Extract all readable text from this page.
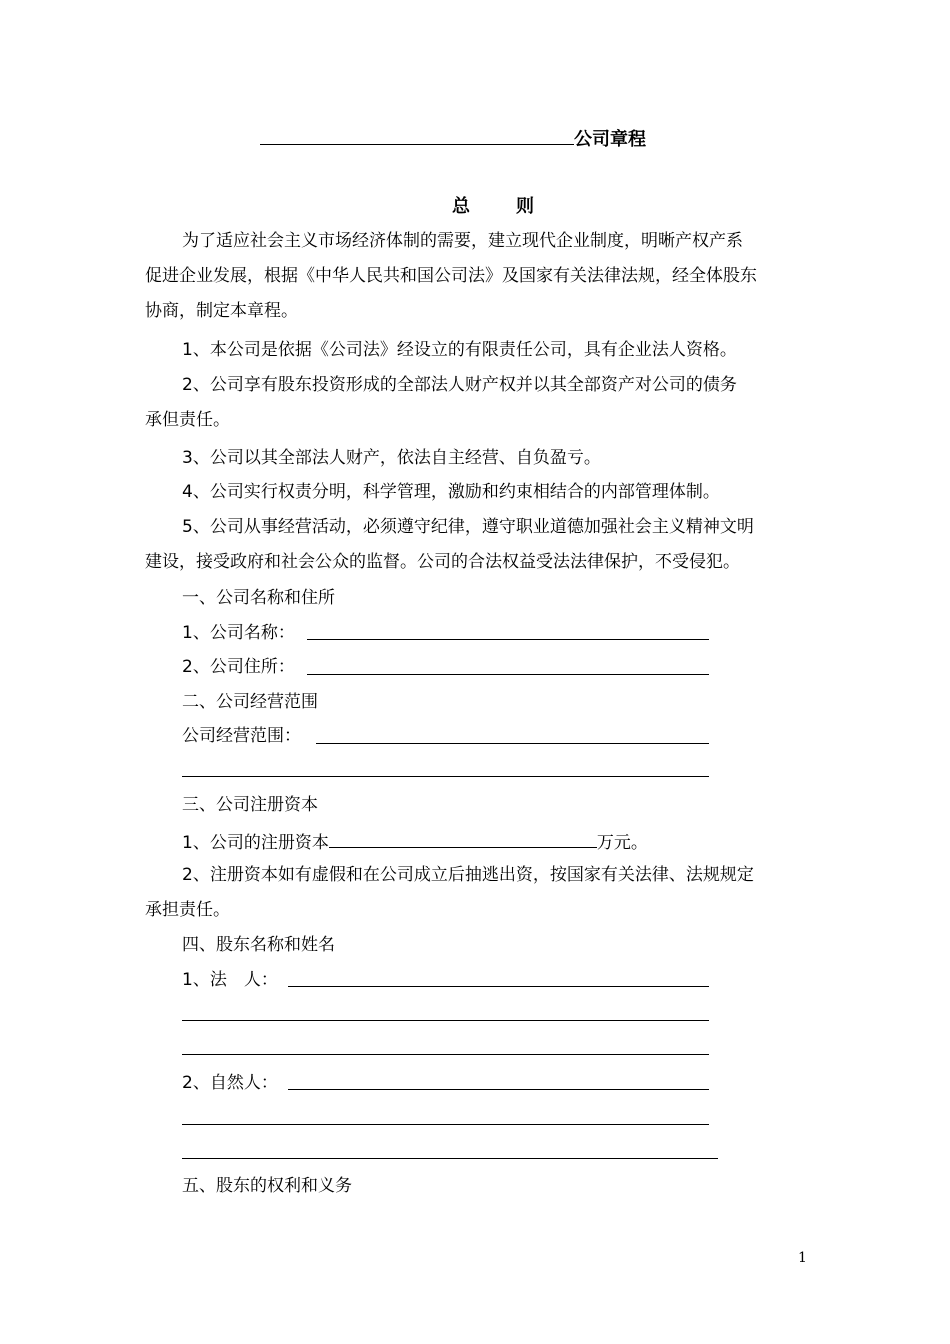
公司章程
总则
为了适应社会主义市场经济体制的需要，建立现代企业制度，明晰产权产系
促进企业发展，根据《中华人民共和国公司法》及国家有关法律法规，经全体股东
协商，制定本章程。
1、本公司是依据《公司法》经设立的有限责任公司，具有企业法人资格。
2、公司享有股东投资形成的全部法人财产权并以其全部资产对公司的债务
承但责任。
3、公司以其全部法人财产，依法自主经营、自负盈亏。
4、公司实行权责分明，科学管理，激励和约束相结合的内部管理体制。
5、公司从事经营活动，必须遵守纪律，遵守职业道德加强社会主义精神文明
建设，接受政府和社会公众的监督。公司的合法权益受法法律保护，不受侵犯。
一、公司名称和住所
1、公司名称：
2、公司住所：
二、公司经营范围
公司经营范围：
三、公司注册资本
1、公司的注册资本	万元。
2、注册资本如有虚假和在公司成立后抽逃出资，按国家有关法律、法规规定
承担责任。
四、股东名称和姓名
1、法　人：
2、自然人：
五、股东的权利和义务
1
